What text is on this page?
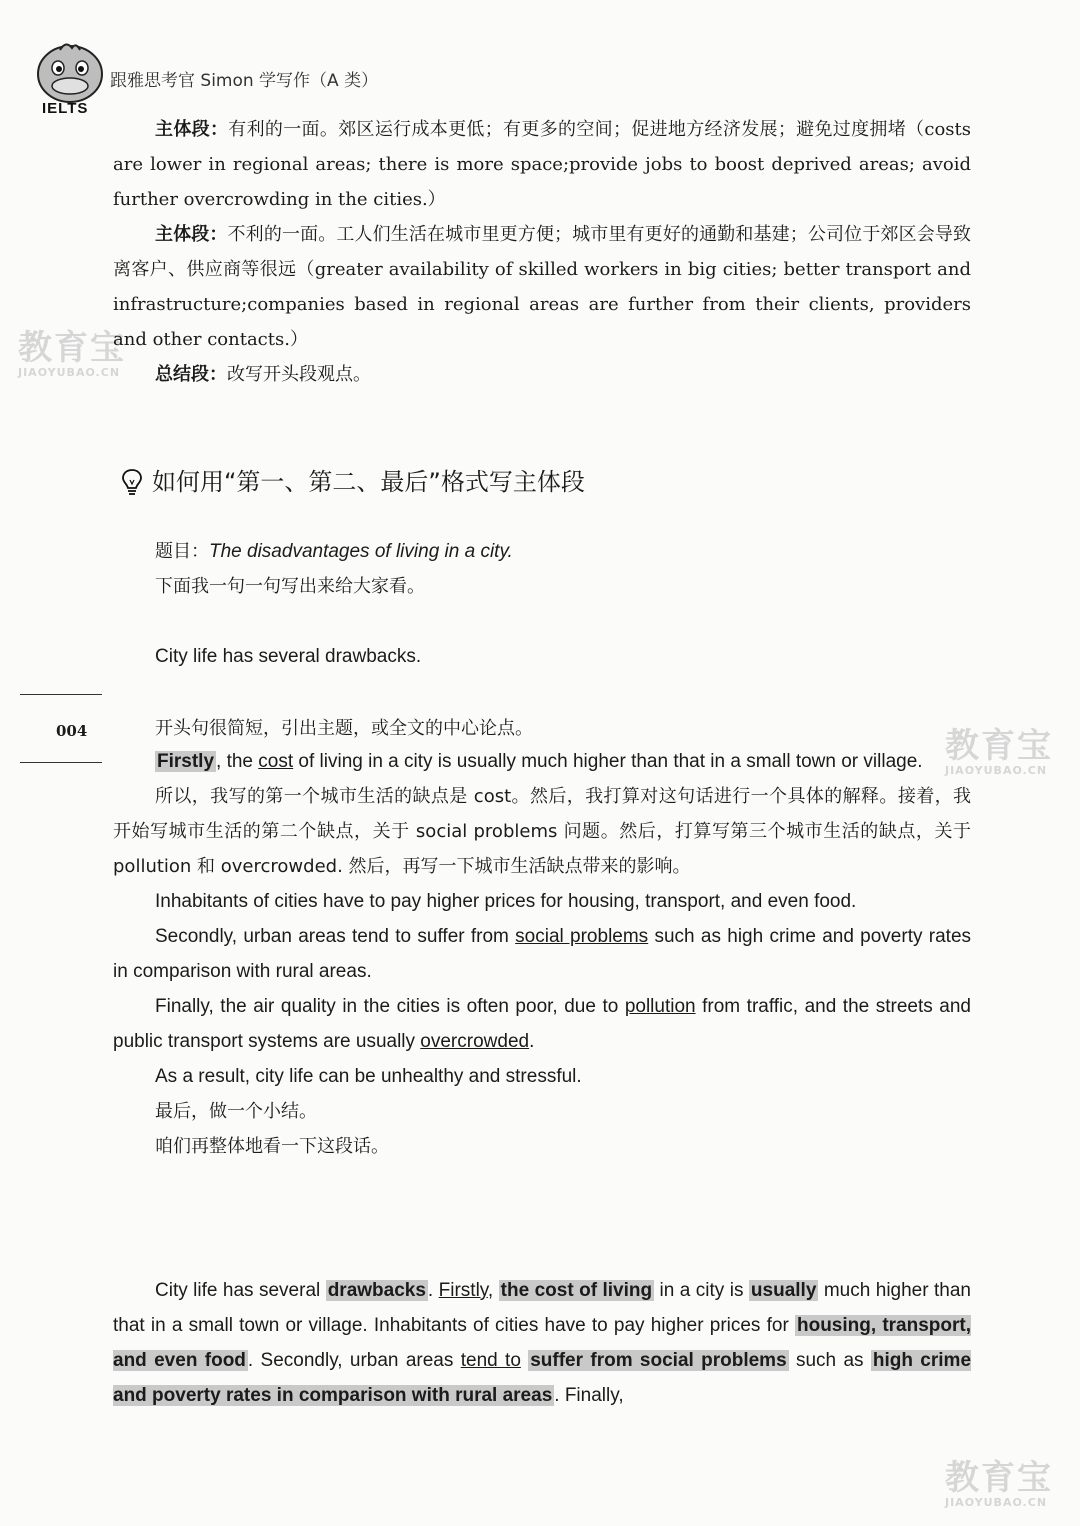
IELTS
跟雅思考官 Simon 学写作（A 类）
教育宝
JIAOYUBAO.CN
教育宝
JIAOYUBAO.CN
教育宝
JIAOYUBAO.CN
004

主体段：有利的一面。郊区运行成本更低；有更多的空间；促进地方经济发展；避免过度拥堵（costs are lower in regional areas; there is more space;provide jobs to boost deprived areas; avoid further overcrowding in the cities.）

主体段：不利的一面。工人们生活在城市里更方便；城市里有更好的通勤和基建；公司位于郊区会导致离客户、供应商等很远（greater availability of skilled workers in big cities; better transport and infrastructure;companies based in regional areas are further from their clients, providers and other contacts.）

总结段：改写开头段观点。

如何用“第一、第二、最后”格式写主体段
题目：The disadvantages of living in a city.
下面我一句一句写出来给大家看。
City life has several drawbacks.
开头句很简短，引出主题，或全文的中心论点。

Firstly , the cost of living in a city is usually much higher than that in a small town or village.

所以，我写的第一个城市生活的缺点是 cost。然后，我打算对这句话进行一个具体的解释。接着，我开始写城市生活的第二个缺点，关于 social problems 问题。然后，打算写第三个城市生活的缺点，关于 pollution 和 overcrowded. 然后，再写一下城市生活缺点带来的影响。

Inhabitants of cities have to pay higher prices for housing, transport, and even food.

Secondly, urban areas tend to suffer from social problems such as high crime and poverty rates in comparison with rural areas.

Finally, the air quality in the cities is often poor, due to pollution from traffic, and the streets and public transport systems are usually overcrowded.

As a result, city life can be unhealthy and stressful.

最后，做一个小结。

咱们再整体地看一下这段话。

City life has several drawbacks . Firstly, the cost of living in a city is usually much higher than that in a small town or village. Inhabitants of cities have to pay higher prices for housing, transport, and even food . Secondly, urban areas tend to suffer from social problems such as high crime and poverty rates in comparison with rural areas . Finally,
